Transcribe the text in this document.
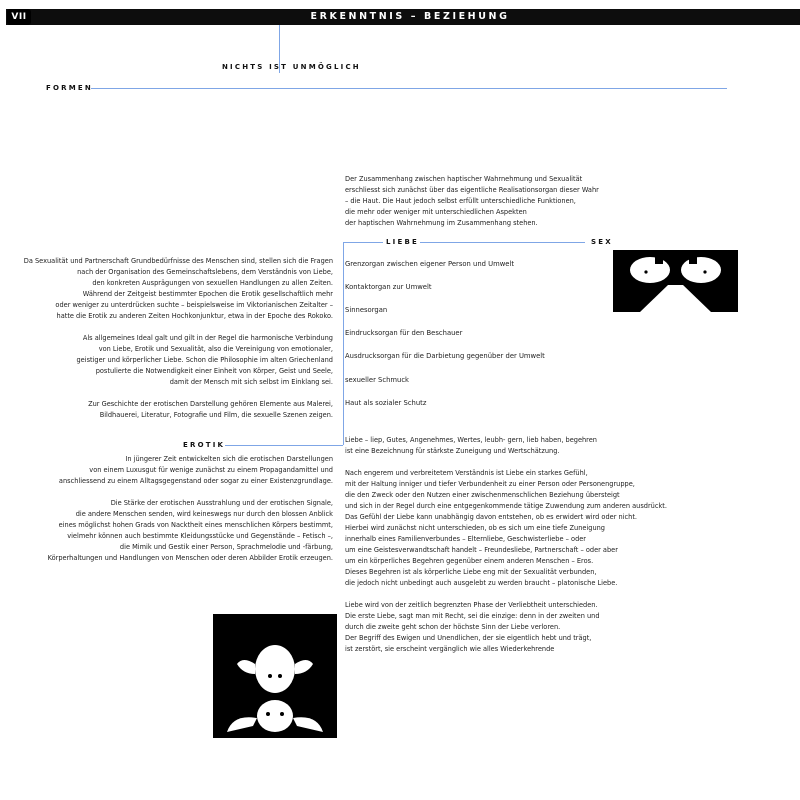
VII	ERKENNTNIS – BEZIEHUNG
NICHTS IST UNMÖGLICH
FORMEN
LIEBE	SEX
EROTIK
Der Zusammenhang zwischen haptischer Wahrnehmung und Sexualität
erschliesst sich zunächst über das eigentliche Realisationsorgan dieser Wahr
– die Haut. Die Haut jedoch selbst erfüllt unterschiedliche Funktionen,
die mehr oder weniger mit unterschiedlichen Aspekten
der haptischen Wahrnehmung im Zusammenhang stehen.
Da Sexualität und Partnerschaft Grundbedürfnisse des Menschen sind, stellen sich die Fragen
nach der Organisation des Gemeinschaftslebens, dem Verständnis von Liebe,
den konkreten Ausprägungen von sexuellen Handlungen zu allen Zeiten.
Während der Zeitgeist bestimmter Epochen die Erotik gesellschaftlich mehr
oder weniger zu unterdrücken suchte – beispielsweise im Viktorianischen Zeitalter –
hatte die Erotik zu anderen Zeiten Hochkonjunktur, etwa in der Epoche des Rokoko.
Als allgemeines Ideal galt und gilt in der Regel die harmonische Verbindung
von Liebe, Erotik und Sexualität, also die Vereinigung von emotionaler,
geistiger und körperlicher Liebe. Schon die Philosophie im alten Griechenland
postulierte die Notwendigkeit einer Einheit von Körper, Geist und Seele,
damit der Mensch mit sich selbst im Einklang sei.
Zur Geschichte der erotischen Darstellung gehören Elemente aus Malerei,
Bildhauerei, Literatur, Fotografie und Film, die sexuelle Szenen zeigen.
In jüngerer Zeit entwickelten sich die erotischen Darstellungen
von einem Luxusgut für wenige zunächst zu einem Propagandamittel und
anschliessend zu einem Alltagsgegenstand oder sogar zu einer Existenzgrundlage.
Die Stärke der erotischen Ausstrahlung und der erotischen Signale,
die andere Menschen senden, wird keineswegs nur durch den blossen Anblick
eines möglichst hohen Grads von Nacktheit eines menschlichen Körpers bestimmt,
vielmehr können auch bestimmte Kleidungsstücke und Gegenstände – Fetisch –,
die Mimik und Gestik einer Person, Sprachmelodie und -färbung,
Körperhaltungen und Handlungen von Menschen oder deren Abbilder Erotik erzeugen.
Grenzorgan zwischen eigener Person und Umwelt
Kontaktorgan zur Umwelt
Sinnesorgan
Eindrucksorgan für den Beschauer
Ausdrucksorgan für die Darbietung gegenüber der Umwelt
sexueller Schmuck
Haut als sozialer Schutz
Liebe – liep, Gutes, Angenehmes, Wertes, leubh- gern, lieb haben, begehren
ist eine Bezeichnung für stärkste Zuneigung und Wertschätzung.
Nach engerem und verbreitetem Verständnis ist Liebe ein starkes Gefühl,
mit der Haltung inniger und tiefer Verbundenheit zu einer Person oder Personengruppe,
die den Zweck oder den Nutzen einer zwischenmenschlichen Beziehung übersteigt
und sich in der Regel durch eine entgegenkommende tätige Zuwendung zum anderen ausdrückt.
Das Gefühl der Liebe kann unabhängig davon entstehen, ob es erwidert wird oder nicht.
Hierbei wird zunächst nicht unterschieden, ob es sich um eine tiefe Zuneigung
innerhalb eines Familienverbundes – Elternliebe, Geschwisterliebe – oder
um eine Geistesverwandtschaft handelt – Freundesliebe, Partnerschaft – oder aber
um ein körperliches Begehren gegenüber einem anderen Menschen – Eros.
Dieses Begehren ist als körperliche Liebe eng mit der Sexualität verbunden,
die jedoch nicht unbedingt auch ausgelebt zu werden braucht – platonische Liebe.
Liebe wird von der zeitlich begrenzten Phase der Verliebtheit unterschieden.
Die erste Liebe, sagt man mit Recht, sei die einzige: denn in der zweiten und
durch die zweite geht schon der höchste Sinn der Liebe verloren.
Der Begriff des Ewigen und Unendlichen, der sie eigentlich hebt und trägt,
ist zerstört, sie erscheint vergänglich wie alles Wiederkehrende
